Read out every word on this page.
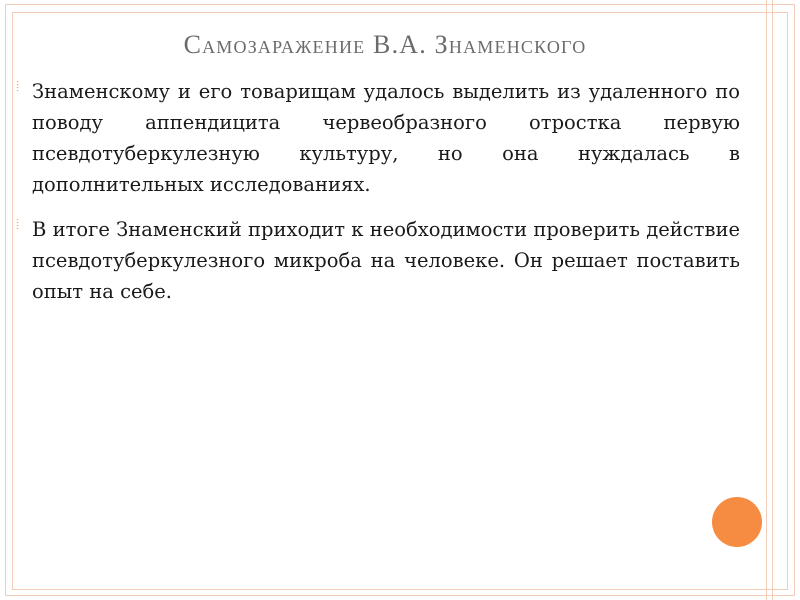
Самозаражение В.А. Знаменского
⦙ Знаменскому и его товарищам удалось выделить из удаленного по поводу аппендицита червеобразного отростка первую псевдотуберкулезную культуру, но она нуждалась в дополнительных исследованиях.
⦙ В итоге Знаменский приходит к необходимости проверить действие псевдотуберкулезного микроба на человеке. Он решает поставить опыт на себе.
